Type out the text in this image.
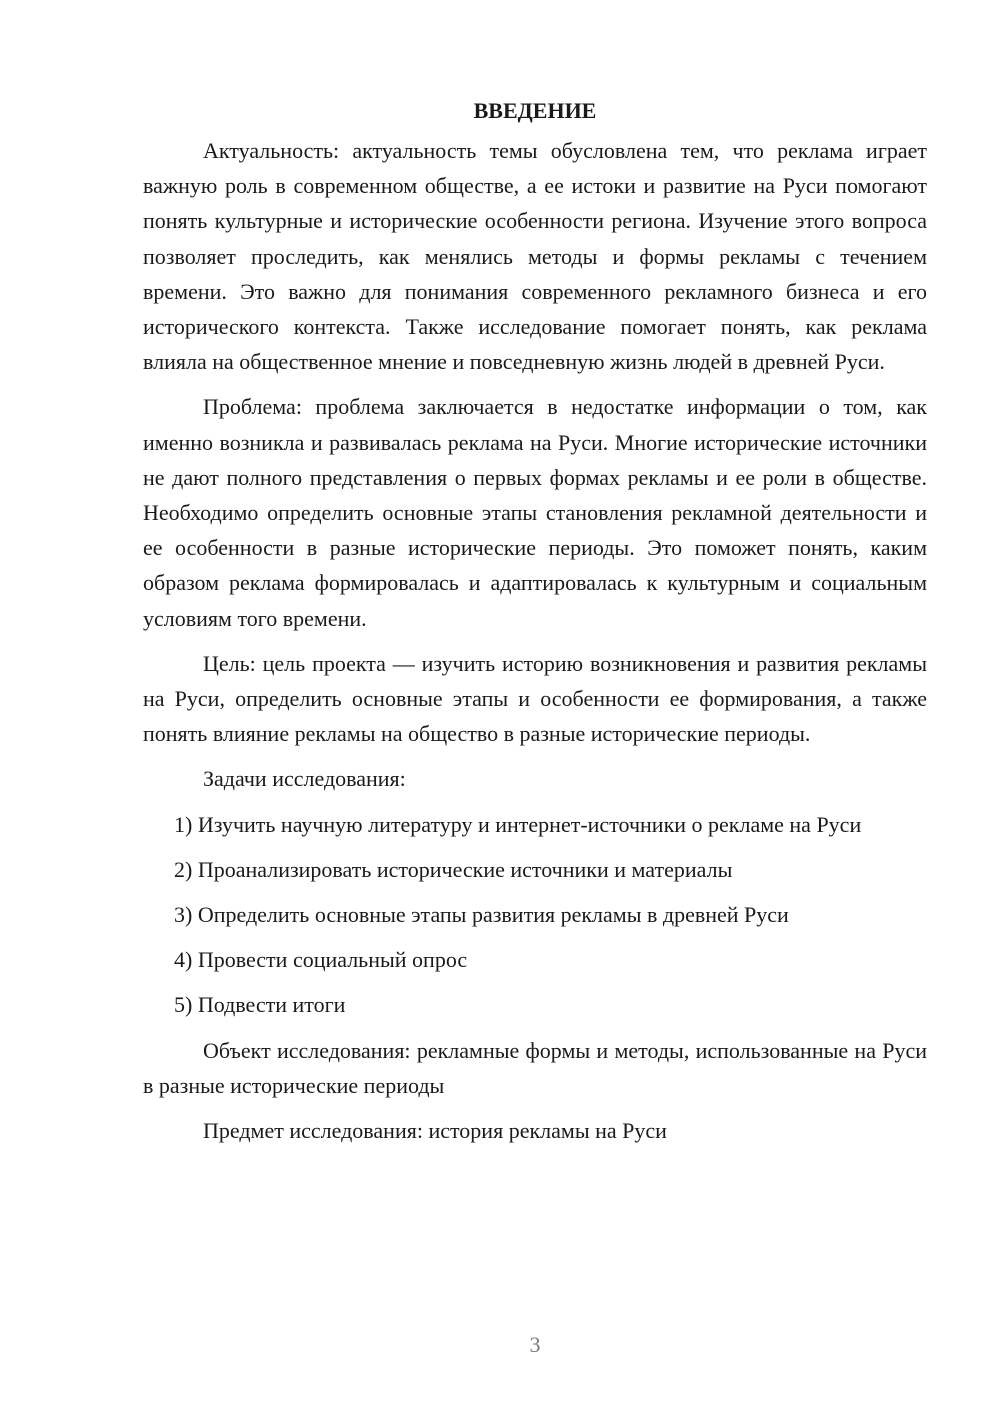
ВВЕДЕНИЕ

Актуальность: актуальность темы обусловлена тем, что реклама играет важную роль в современном обществе, а ее истоки и развитие на Руси помогают понять культурные и исторические особенности региона. Изучение этого вопроса позволяет проследить, как менялись методы и формы рекламы с течением времени. Это важно для понимания современного рекламного бизнеса и его исторического контекста. Также исследование помогает понять, как реклама влияла на общественное мнение и повседневную жизнь людей в древней Руси.

Проблема: проблема заключается в недостатке информации о том, как именно возникла и развивалась реклама на Руси. Многие исторические источники не дают полного представления о первых формах рекламы и ее роли в обществе. Необходимо определить основные этапы становления рекламной деятельности и ее особенности в разные исторические периоды. Это поможет понять, каким образом реклама формировалась и адаптировалась к культурным и социальным условиям того времени.

Цель: цель проекта — изучить историю возникновения и развития рекламы на Руси, определить основные этапы и особенности ее формирования, а также понять влияние рекламы на общество в разные исторические периоды.

Задачи исследования:

1) Изучить научную литературу и интернет-источники о рекламе на Руси

2) Проанализировать исторические источники и материалы

3) Определить основные этапы развития рекламы в древней Руси

4) Провести социальный опрос

5) Подвести итоги

Объект исследования: рекламные формы и методы, использованные на Руси в разные исторические периоды

Предмет исследования: история рекламы на Руси

3
